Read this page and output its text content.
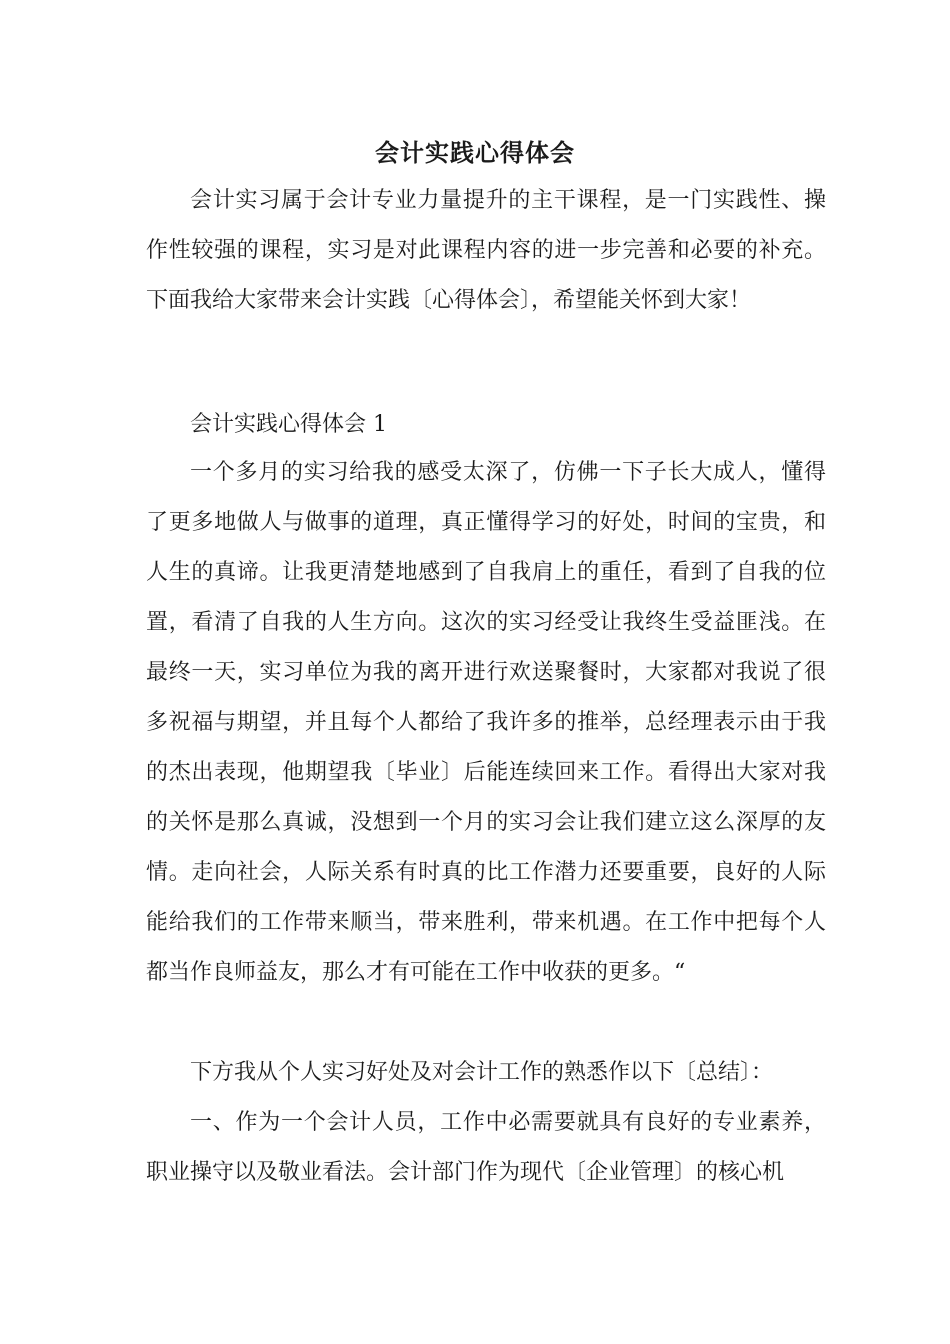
会计实践心得体会

会计实习属于会计专业力量提升的主干课程，是一门实践性、操作性较强的课程，实习是对此课程内容的进一步完善和必要的补充。下面我给大家带来会计实践〔心得体会〕，希望能关怀到大家！

会计实践心得体会 1

一个多月的实习给我的感受太深了，仿佛一下子长大成人，懂得了更多地做人与做事的道理，真正懂得学习的好处，时间的宝贵，和人生的真谛。让我更清楚地感到了自我肩上的重任，看到了自我的位置，看清了自我的人生方向。这次的实习经受让我终生受益匪浅。在最终一天，实习单位为我的离开进行欢送聚餐时，大家都对我说了很多祝福与期望，并且每个人都给了我许多的推举，总经理表示由于我的杰出表现，他期望我〔毕业〕后能连续回来工作。看得出大家对我的关怀是那么真诚，没想到一个月的实习会让我们建立这么深厚的友情。走向社会，人际关系有时真的比工作潜力还要重要，良好的人际能给我们的工作带来顺当，带来胜利，带来机遇。在工作中把每个人都当作良师益友，那么才有可能在工作中收获的更多。“

下方我从个人实习好处及对会计工作的熟悉作以下〔总结〕：

一、作为一个会计人员，工作中必需要就具有良好的专业素养，职业操守以及敬业看法。会计部门作为现代〔企业管理〕的核心机
